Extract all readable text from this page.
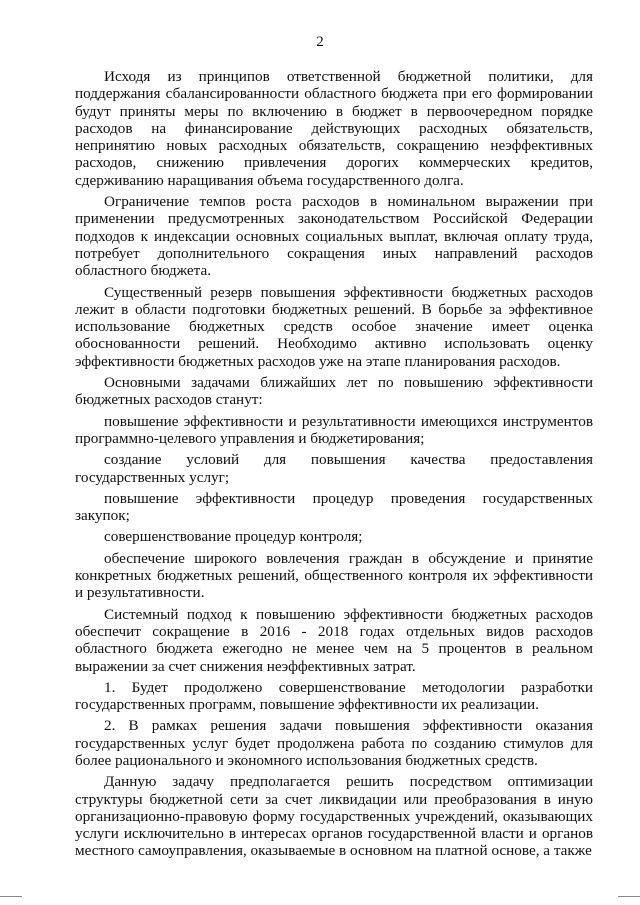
2

Исходя из принципов ответственной бюджетной политики, для поддержания сбалансированности областного бюджета при его формировании будут приняты меры по включению в бюджет в первоочередном порядке расходов на финансирование действующих расходных обязательств, непринятию новых расходных обязательств, сокращению неэффективных расходов, снижению привлечения дорогих коммерческих кредитов, сдерживанию наращивания объема государственного долга.

Ограничение темпов роста расходов в номинальном выражении при применении предусмотренных законодательством Российской Федерации подходов к индексации основных социальных выплат, включая оплату труда, потребует дополнительного сокращения иных направлений расходов областного бюджета.

Существенный резерв повышения эффективности бюджетных расходов лежит в области подготовки бюджетных решений. В борьбе за эффективное использование бюджетных средств особое значение имеет оценка обоснованности решений. Необходимо активно использовать оценку эффективности бюджетных расходов уже на этапе планирования расходов.

Основными задачами ближайших лет по повышению эффективности бюджетных расходов станут:

повышение эффективности и результативности имеющихся инструментов программно-целевого управления и бюджетирования;

создание условий для повышения качества предоставления государственных услуг;

повышение эффективности процедур проведения государственных закупок;

совершенствование процедур контроля;

обеспечение широкого вовлечения граждан в обсуждение и принятие конкретных бюджетных решений, общественного контроля их эффективности и результативности.

Системный подход к повышению эффективности бюджетных расходов обеспечит сокращение в 2016 - 2018 годах отдельных видов расходов областного бюджета ежегодно не менее чем на 5 процентов в реальном выражении за счет снижения неэффективных затрат.

1. Будет продолжено совершенствование методологии разработки государственных программ, повышение эффективности их реализации.

2. В рамках решения задачи повышения эффективности оказания государственных услуг будет продолжена работа по созданию стимулов для более рационального и экономного использования бюджетных средств.

Данную задачу предполагается решить посредством оптимизации структуры бюджетной сети за счет ликвидации или преобразования в иную организационно-правовую форму государственных учреждений, оказывающих услуги исключительно в интересах органов государственной власти и органов местного самоуправления, оказываемые в основном на платной основе, а также
